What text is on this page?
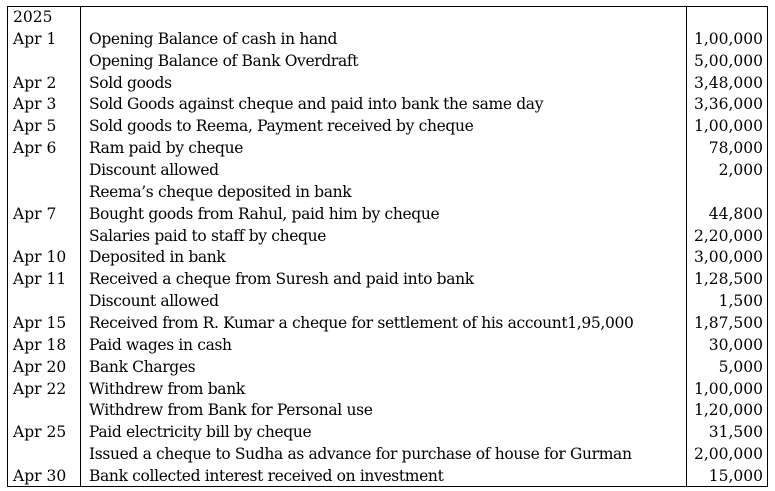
2025		
Apr 1	Opening Balance of cash in hand	1,00,000
	Opening Balance of Bank Overdraft	5,00,000
Apr 2	Sold goods	3,48,000
Apr 3	Sold Goods against cheque and paid into bank the same day	3,36,000
Apr 5	Sold goods to Reema, Payment received by cheque	1,00,000
Apr 6	Ram paid by cheque	78,000
	Discount allowed	2,000
	Reema’s cheque deposited in bank	
Apr 7	Bought goods from Rahul, paid him by cheque	44,800
	Salaries paid to staff by cheque	2,20,000
Apr 10	Deposited in bank	3,00,000
Apr 11	Received a cheque from Suresh and paid into bank	1,28,500
	Discount allowed	1,500
Apr 15	Received from R. Kumar a cheque for settlement of his account1,95,000	1,87,500
Apr 18	Paid wages in cash	30,000
Apr 20	Bank Charges	5,000
Apr 22	Withdrew from bank	1,00,000
	Withdrew from Bank for Personal use	1,20,000
Apr 25	Paid electricity bill by cheque	31,500
	Issued a cheque to Sudha as advance for purchase of house for Gurman	2,00,000
Apr 30	Bank collected interest received on investment	15,000
